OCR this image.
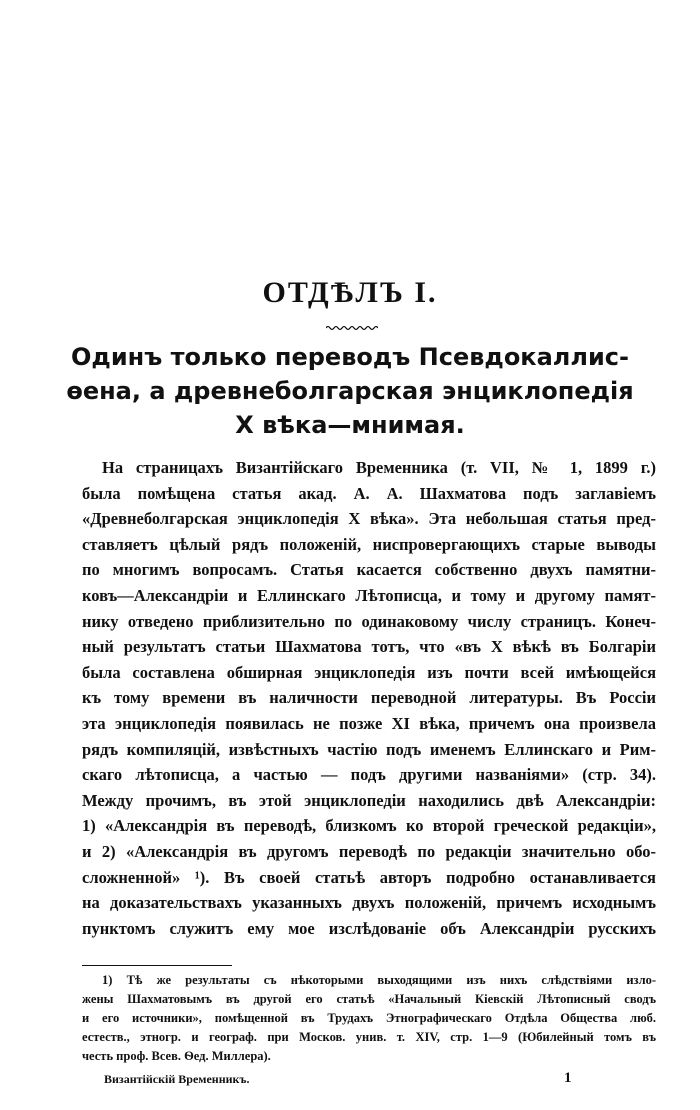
ОТДѢЛЪ I.
Одинъ только переводъ Псевдокаллис-
ѳена, а древнеболгарская энциклопедія
X вѣка—мнимая.
На страницахъ Византійскаго Временника (т. VII, № 1, 1899 г.)
была помѣщена статья акад. А. А. Шахматова подъ заглавіемъ
«Древнеболгарская энциклопедія X вѣка». Эта небольшая статья пред-
ставляетъ цѣлый рядъ положеній, ниспровергающихъ старые выводы
по многимъ вопросамъ. Статья касается собственно двухъ памятни-
ковъ—Александріи и Еллинскаго Лѣтописца, и тому и другому памят-
нику отведено приблизительно по одинаковому числу страницъ. Конеч-
ный результатъ статьи Шахматова тотъ, что «въ X вѣкѣ въ Болгаріи
была составлена обширная энциклопедія изъ почти всей имѣющейся
къ тому времени въ наличности переводной литературы. Въ Россіи
эта энциклопедія появилась не позже XI вѣка, причемъ она произвела
рядъ компиляцій, извѣстныхъ частію подъ именемъ Еллинскаго и Рим-
скаго лѣтописца, а частью — подъ другими названіями» (стр. 34).
Между прочимъ, въ этой энциклопедіи находились двѣ Александріи:
1) «Александрія въ переводѣ, близкомъ ко второй греческой редакціи»,
и 2) «Александрія въ другомъ переводѣ по редакціи значительно обо-
сложненной» ¹). Въ своей статьѣ авторъ подробно останавливается
на доказательствахъ указанныхъ двухъ положеній, причемъ исходнымъ
пунктомъ служитъ ему мое изслѣдованіе объ Александріи русскихъ
1) Тѣ же результаты съ нѣкоторыми выходящими изъ нихъ слѣдствіями изло-
жены Шахматовымъ въ другой его статьѣ «Начальный Кіевскій Лѣтописный сводъ
и его источники», помѣщенной въ Трудахъ Этнографическаго Отдѣла Общества люб.
естеств., этногр. и географ. при Москов. унив. т. XIV, стр. 1—9 (Юбилейный томъ въ
честь проф. Всев. Ѳед. Миллера).
Византійскій Временникъ.	1
